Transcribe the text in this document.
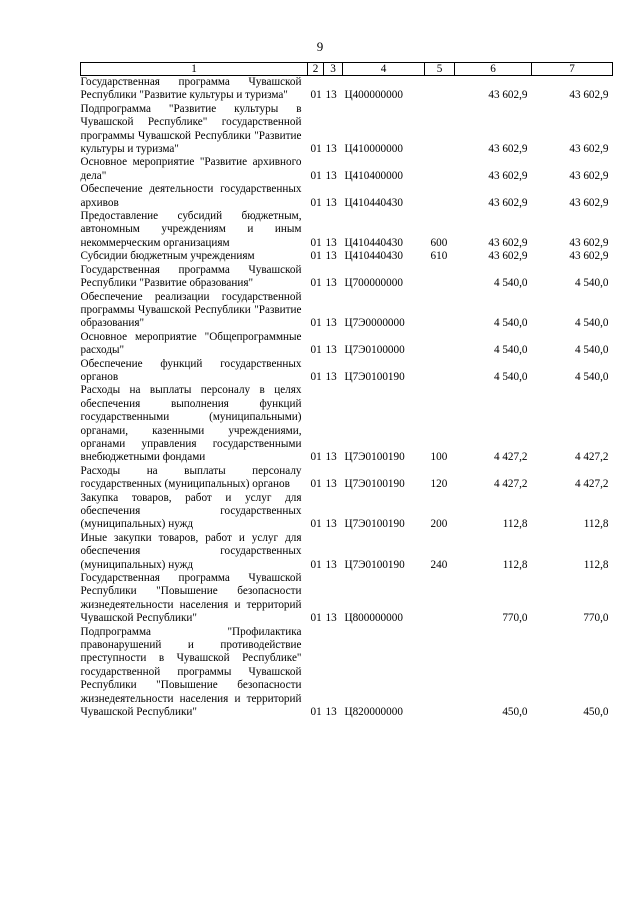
9
1	2	3	4	5	6	7
Государственная программа Чувашской Республики "Развитие культуры и туризма"	01	13	Ц400000000		43 602,9	43 602,9
Подпрограмма "Развитие культуры в Чувашской Республике" государственной программы Чувашской Республики "Развитие культуры и туризма"	01	13	Ц410000000		43 602,9	43 602,9
Основное мероприятие "Развитие архивного дела"	01	13	Ц410400000		43 602,9	43 602,9
Обеспечение деятельности государственных архивов	01	13	Ц410440430		43 602,9	43 602,9
Предоставление субсидий бюджетным, автономным учреждениям и иным некоммерческим организациям	01	13	Ц410440430	600	43 602,9	43 602,9
Субсидии бюджетным учреждениям	01	13	Ц410440430	610	43 602,9	43 602,9
Государственная программа Чувашской Республики "Развитие образования"	01	13	Ц700000000		4 540,0	4 540,0
Обеспечение реализации государственной программы Чувашской Республики "Развитие образования"	01	13	Ц7Э0000000		4 540,0	4 540,0
Основное мероприятие "Общепрограммные расходы"	01	13	Ц7Э0100000		4 540,0	4 540,0
Обеспечение функций государственных органов	01	13	Ц7Э0100190		4 540,0	4 540,0
Расходы на выплаты персоналу в целях обеспечения выполнения функций государственными (муниципальными) органами, казенными учреждениями, органами управления государственными внебюджетными фондами	01	13	Ц7Э0100190	100	4 427,2	4 427,2
Расходы на выплаты персоналу государственных (муниципальных) органов	01	13	Ц7Э0100190	120	4 427,2	4 427,2
Закупка товаров, работ и услуг для обеспечения государственных (муниципальных) нужд	01	13	Ц7Э0100190	200	112,8	112,8
Иные закупки товаров, работ и услуг для обеспечения государственных (муниципальных) нужд	01	13	Ц7Э0100190	240	112,8	112,8
Государственная программа Чувашской Республики "Повышение безопасности жизнедеятельности населения и территорий Чувашской Республики"	01	13	Ц800000000		770,0	770,0
Подпрограмма "Профилактика правонарушений и противодействие преступности в Чувашской Республике" государственной программы Чувашской Республики "Повышение безопасности жизнедеятельности населения и территорий Чувашской Республики"	01	13	Ц820000000		450,0	450,0
